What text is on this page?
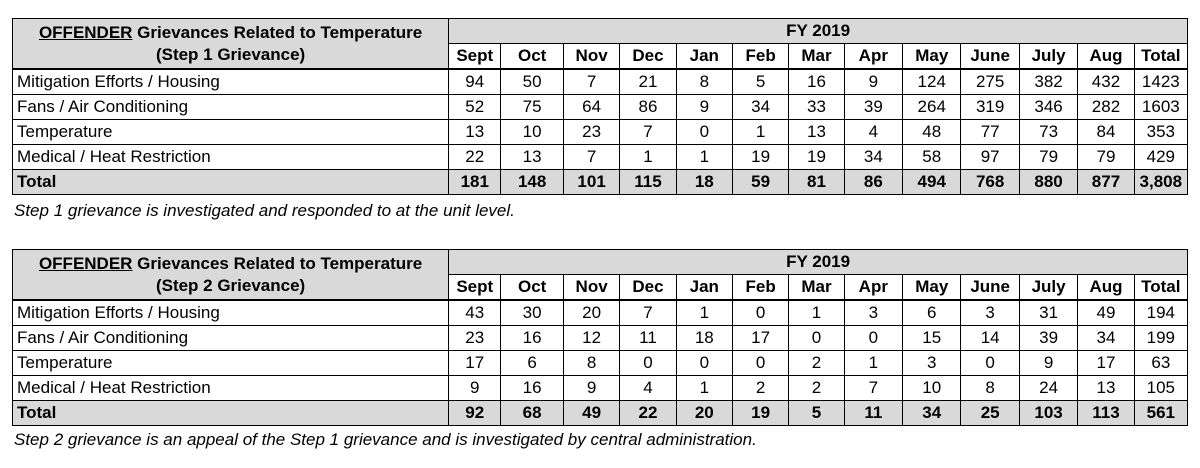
OFFENDER Grievances Related to Temperature
(Step 1 Grievance)	FY 2019												
	Sept	Oct	Nov	Dec	Jan	Feb	Mar	Apr	May	June	July	Aug	Total
Mitigation Efforts / Housing	94	50	7	21	8	5	16	9	124	275	382	432	1423
Fans / Air Conditioning	52	75	64	86	9	34	33	39	264	319	346	282	1603
Temperature	13	10	23	7	0	1	13	4	48	77	73	84	353
Medical / Heat Restriction	22	13	7	1	1	19	19	34	58	97	79	79	429
Total	181	148	101	115	18	59	81	86	494	768	880	877	3,808
Step 1 grievance is investigated and responded to at the unit level.
OFFENDER Grievances Related to Temperature
(Step 2 Grievance)	FY 2019												
	Sept	Oct	Nov	Dec	Jan	Feb	Mar	Apr	May	June	July	Aug	Total
Mitigation Efforts / Housing	43	30	20	7	1	0	1	3	6	3	31	49	194
Fans / Air Conditioning	23	16	12	11	18	17	0	0	15	14	39	34	199
Temperature	17	6	8	0	0	0	2	1	3	0	9	17	63
Medical / Heat Restriction	9	16	9	4	1	2	2	7	10	8	24	13	105
Total	92	68	49	22	20	19	5	11	34	25	103	113	561
Step 2 grievance is an appeal of the Step 1 grievance and is investigated by central administration.
